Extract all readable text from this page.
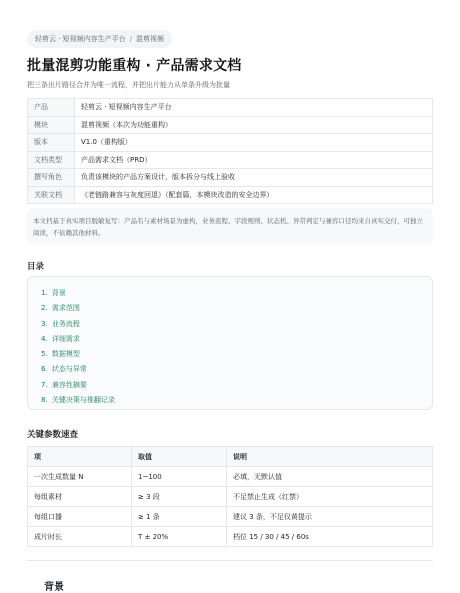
轻剪云 · 短视频内容生产平台 / 混剪视频
批量混剪功能重构 · 产品需求文档
把三条出片路径合并为唯一流程，并把出片能力从单条升级为批量
产品	轻剪云 · 短视频内容生产平台
模块	混剪视频（本次为功能重构）
版本	V1.0（重构版）
文档类型	产品需求文档（PRD）
撰写角色	负责该模块的产品方案设计，版本拆分与线上验收
关联文档	《老链路兼容与灰度回退》（配套篇，本模块改造的安全边界）
本文档基于真实项目脱敏复写：产品名与素材场景为虚构，业务流程、字段规则、状态机、异常判定与兼容口径均来自真实交付，可独立阅读，不依赖其他材料。
目录
1. 背景
2. 需求范围
3. 业务流程
4. 详细需求
5. 数据模型
6. 状态与异常
7. 兼容性摘要
8. 关键决策与推翻记录
关键参数速查
项	取值	说明
一次生成数量 N	1~100	必填，无默认值
每组素材	≥ 3 段	不足禁止生成（红禁）
每组口播	≥ 1 条	建议 3 条，不足仅黄提示
成片时长	T ± 20%	档位 15 / 30 / 45 / 60s
背景
